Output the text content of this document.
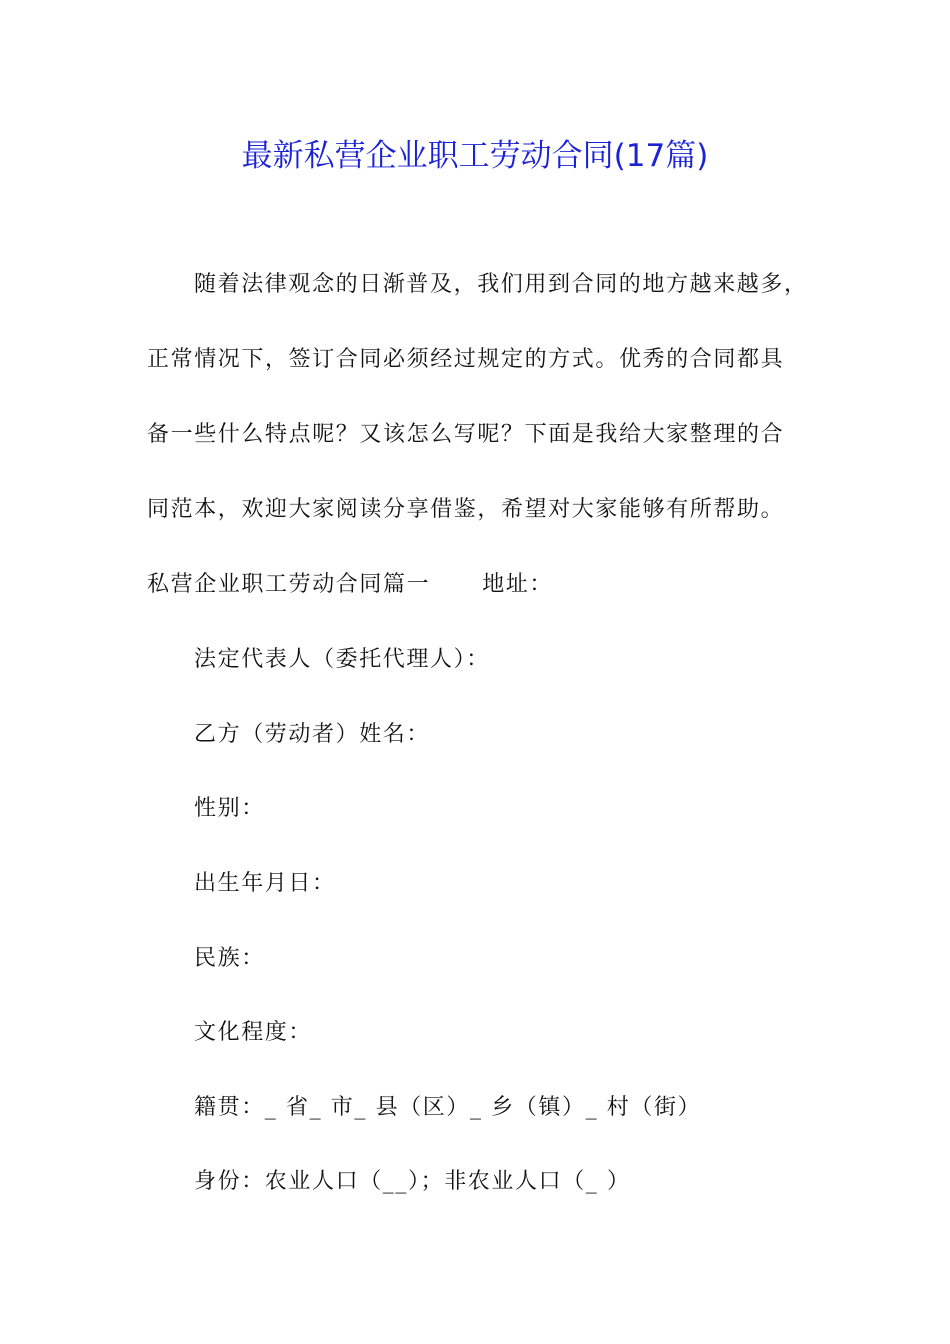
最新私营企业职工劳动合同(17篇)
随着法律观念的日渐普及，我们用到合同的地方越来越多，
正常情况下，签订合同必须经过规定的方式。优秀的合同都具
备一些什么特点呢？又该怎么写呢？下面是我给大家整理的合
同范本，欢迎大家阅读分享借鉴，希望对大家能够有所帮助。
私营企业职工劳动合同篇一 地址：
法定代表人（委托代理人）：
乙方（劳动者）姓名：
性别：
出生年月日：
民族：
文化程度：
籍贯：_ 省_ 市_ 县（区）_ 乡（镇）_ 村（街）
身份：农业人口（__）；非农业人口（_ ）
